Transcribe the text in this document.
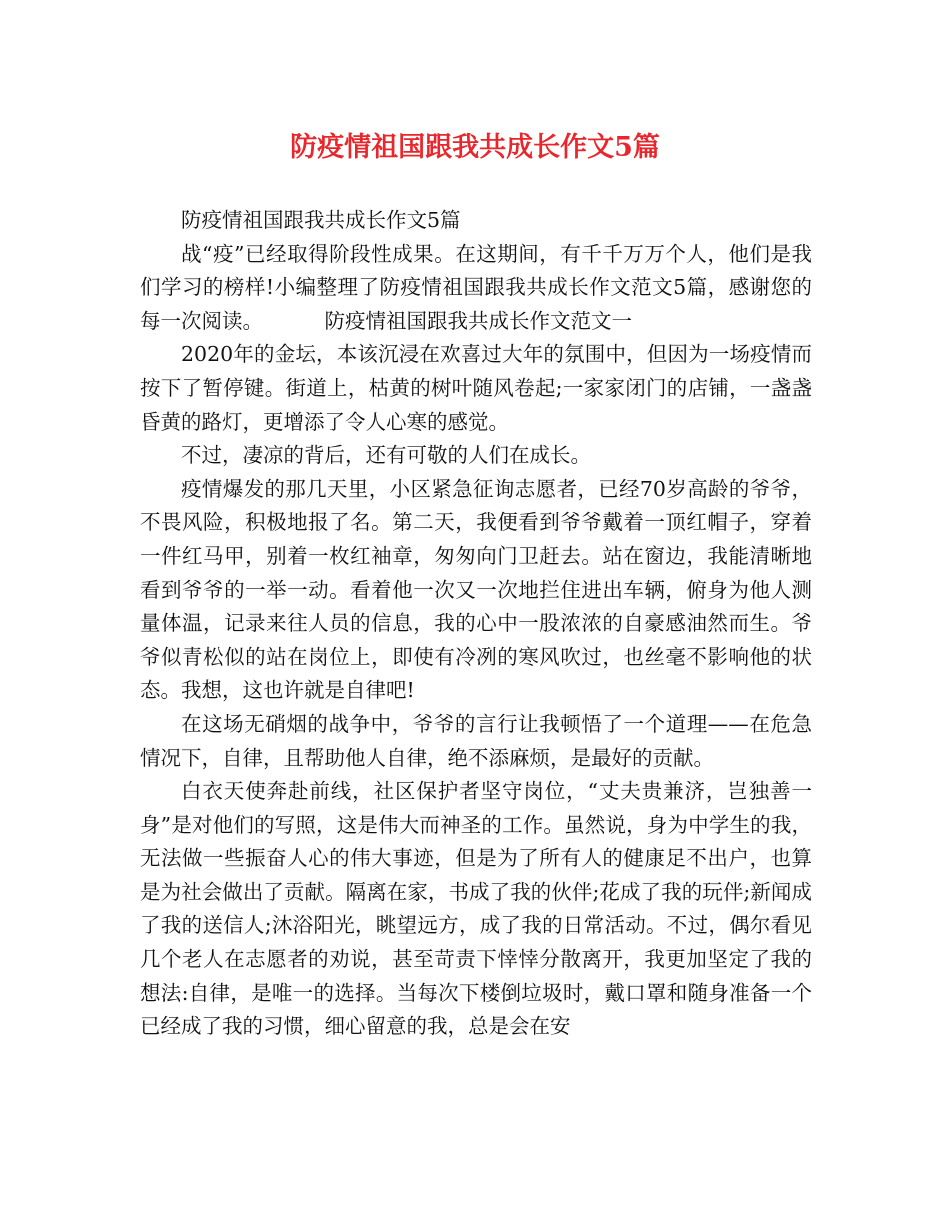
防疫情祖国跟我共成长作文5篇

防疫情祖国跟我共成长作文5篇

战“疫”已经取得阶段性成果。在这期间，有千千万万个人，他们是我们学习的榜样!小编整理了防疫情祖国跟我共成长作文范文5篇，感谢您的每一次阅读。	防疫情祖国跟我共成长作文范文一

2020年的金坛，本该沉浸在欢喜过大年的氛围中，但因为一场疫情而按下了暂停键。街道上，枯黄的树叶随风卷起;一家家闭门的店铺，一盏盏昏黄的路灯，更增添了令人心寒的感觉。

不过，凄凉的背后，还有可敬的人们在成长。

疫情爆发的那几天里，小区紧急征询志愿者，已经70岁高龄的爷爷，不畏风险，积极地报了名。第二天，我便看到爷爷戴着一顶红帽子，穿着一件红马甲，别着一枚红袖章，匆匆向门卫赶去。站在窗边，我能清晰地看到爷爷的一举一动。看着他一次又一次地拦住进出车辆，俯身为他人测量体温，记录来往人员的信息，我的心中一股浓浓的自豪感油然而生。爷爷似青松似的站在岗位上，即使有冷冽的寒风吹过，也丝毫不影响他的状态。我想，这也许就是自律吧!

在这场无硝烟的战争中，爷爷的言行让我顿悟了一个道理——在危急情况下，自律，且帮助他人自律，绝不添麻烦，是最好的贡献。

白衣天使奔赴前线，社区保护者坚守岗位，“丈夫贵兼济，岂独善一身”是对他们的写照，这是伟大而神圣的工作。虽然说，身为中学生的我，无法做一些振奋人心的伟大事迹，但是为了所有人的健康足不出户，也算是为社会做出了贡献。隔离在家，书成了我的伙伴;花成了我的玩伴;新闻成了我的送信人;沐浴阳光，眺望远方，成了我的日常活动。不过，偶尔看见几个老人在志愿者的劝说，甚至苛责下悻悻分散离开，我更加坚定了我的想法:自律，是唯一的选择。当每次下楼倒垃圾时，戴口罩和随身准备一个已经成了我的习惯，细心留意的我，总是会在安
